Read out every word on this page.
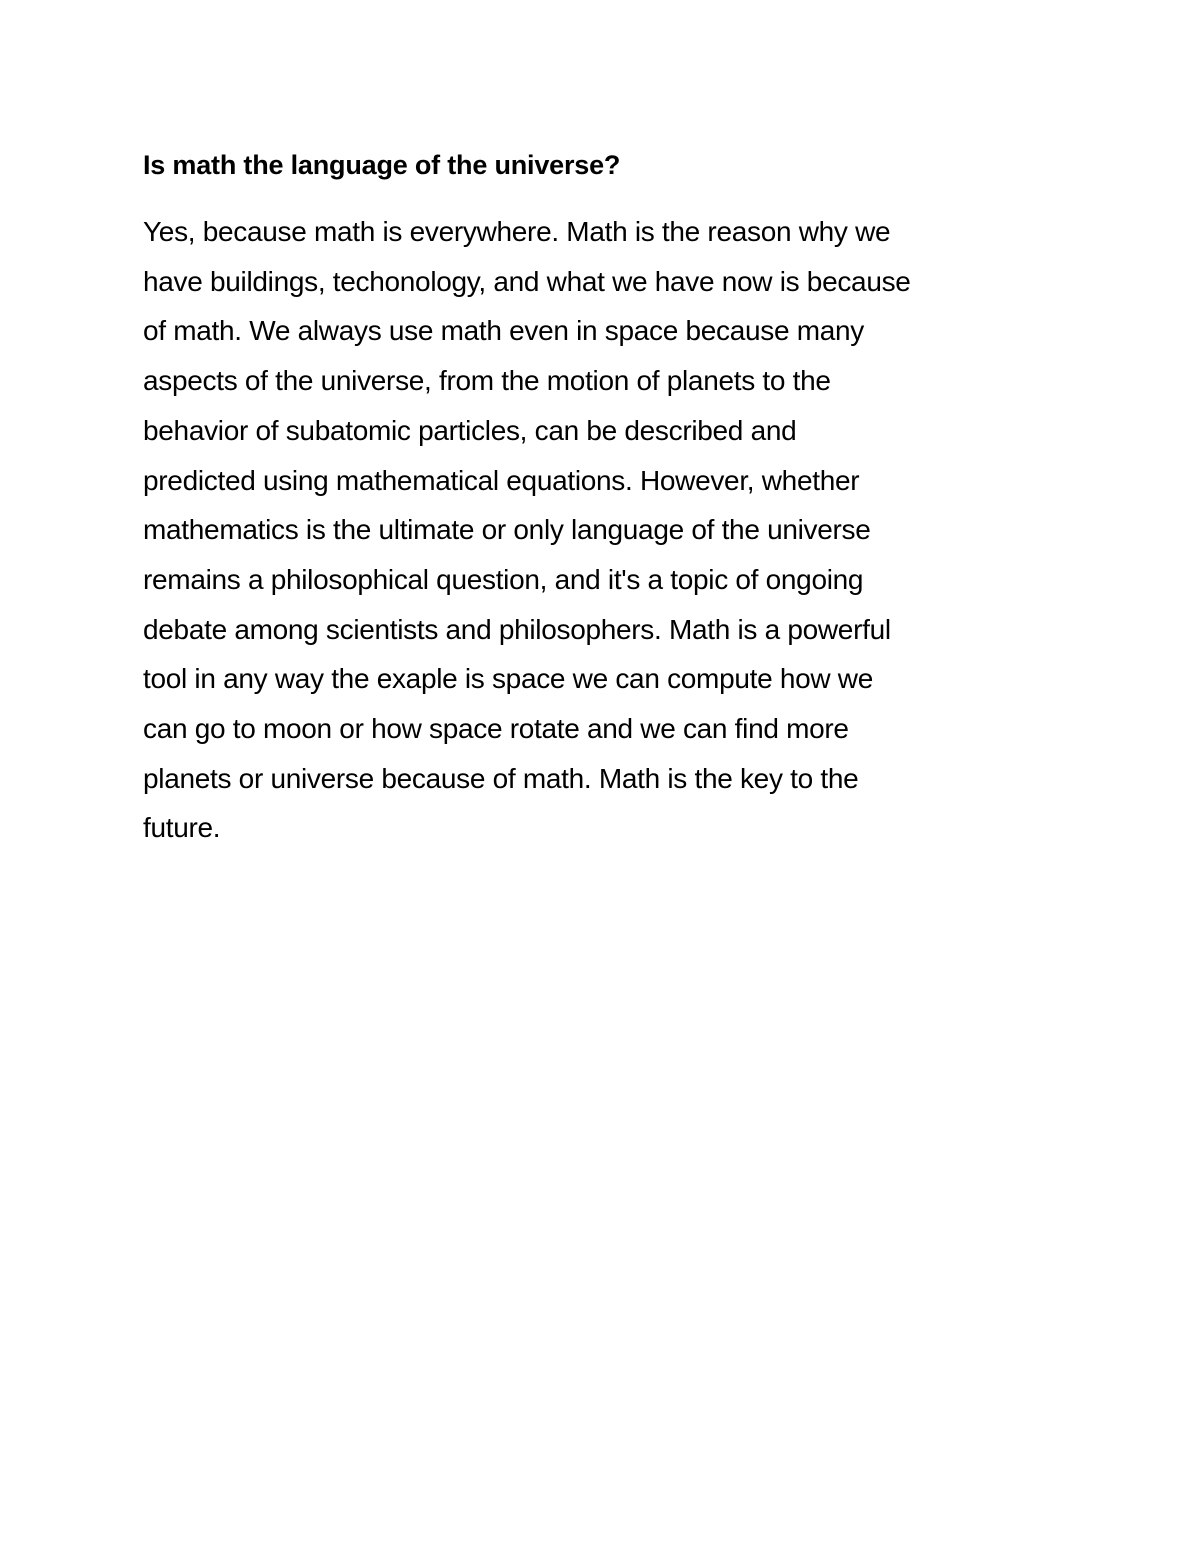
Is math the language of the universe?
Yes, because math is everywhere. Math is the reason why we
have buildings, techonology, and what we have now is because
of math. We always use math even in space because many
aspects of the universe, from the motion of planets to the
behavior of subatomic particles, can be described and
predicted using mathematical equations. However, whether
mathematics is the ultimate or only language of the universe
remains a philosophical question, and it's a topic of ongoing
debate among scientists and philosophers. Math is a powerful
tool in any way the exaple is space we can compute how we
can go to moon or how space rotate and we can find more
planets or universe because of math. Math is the key to the
future.
